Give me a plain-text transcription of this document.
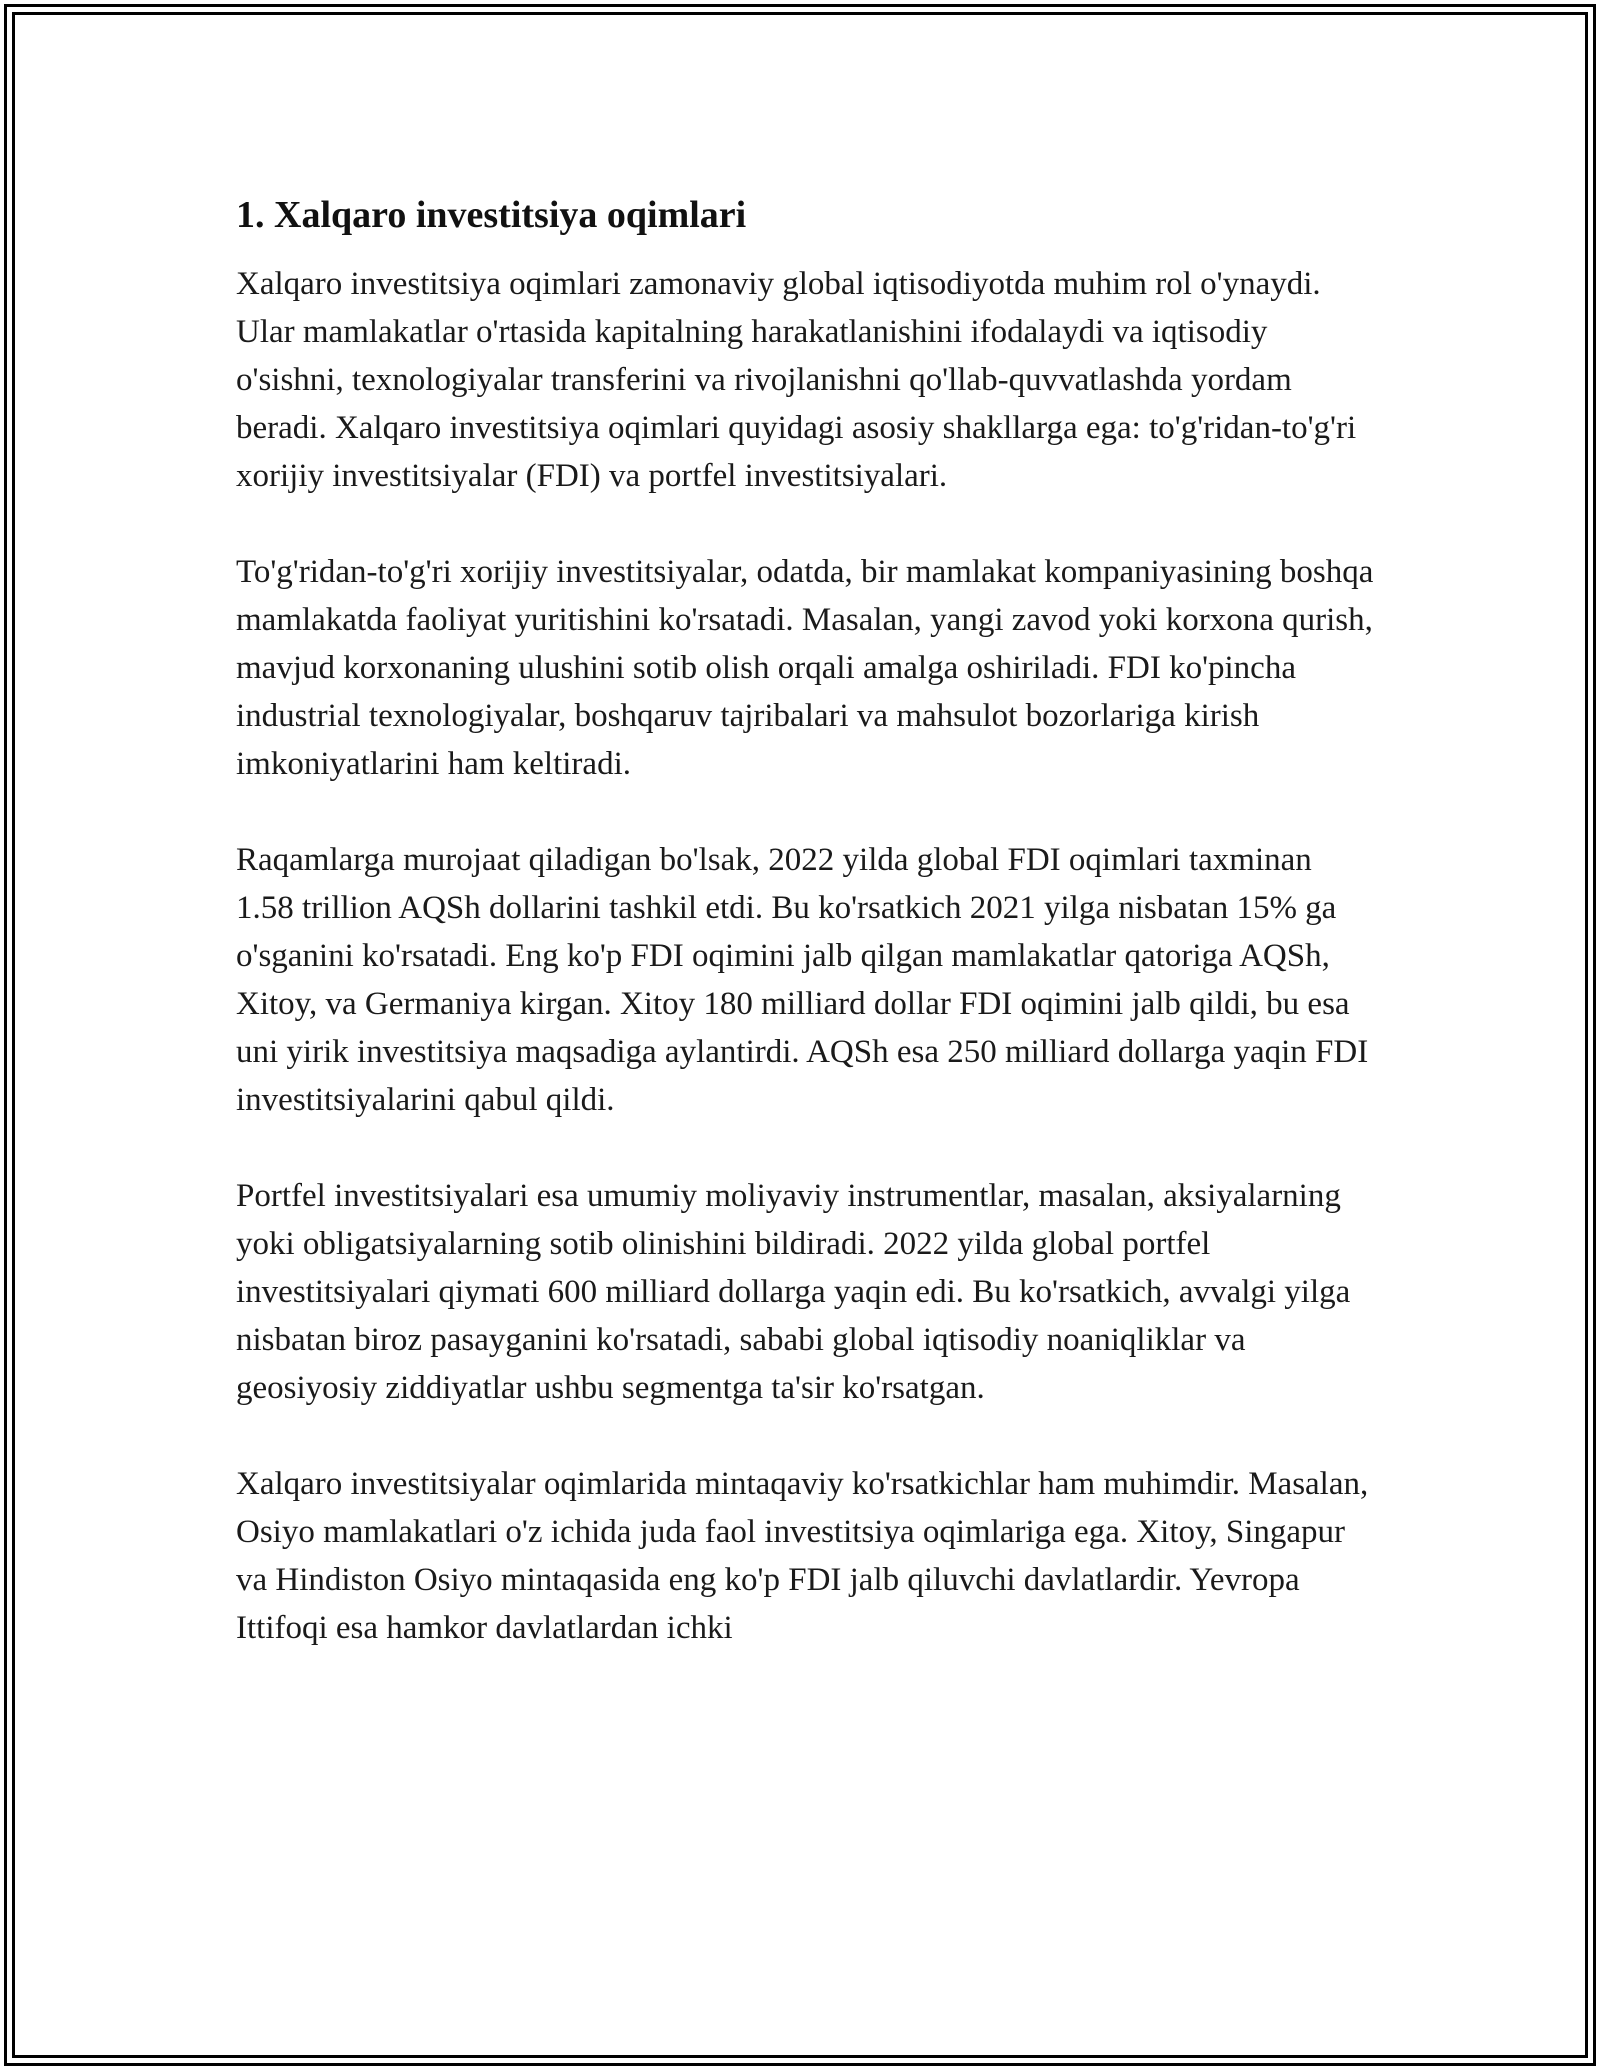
1. Xalqaro investitsiya oqimlari

Xalqaro investitsiya oqimlari zamonaviy global iqtisodiyotda muhim rol o'ynaydi. Ular mamlakatlar o'rtasida kapitalning harakatlanishini ifodalaydi va iqtisodiy o'sishni, texnologiyalar transferini va rivojlanishni qo'llab-quvvatlashda yordam beradi. Xalqaro investitsiya oqimlari quyidagi asosiy shakllarga ega: to'g'ridan-to'g'ri xorijiy investitsiyalar (FDI) va portfel investitsiyalari.

To'g'ridan-to'g'ri xorijiy investitsiyalar, odatda, bir mamlakat kompaniyasining boshqa mamlakatda faoliyat yuritishini ko'rsatadi. Masalan, yangi zavod yoki korxona qurish, mavjud korxonaning ulushini sotib olish orqali amalga oshiriladi. FDI ko'pincha industrial texnologiyalar, boshqaruv tajribalari va mahsulot bozorlariga kirish imkoniyatlarini ham keltiradi.

Raqamlarga murojaat qiladigan bo'lsak, 2022 yilda global FDI oqimlari taxminan 1.58 trillion AQSh dollarini tashkil etdi. Bu ko'rsatkich 2021 yilga nisbatan 15% ga o'sganini ko'rsatadi. Eng ko'p FDI oqimini jalb qilgan mamlakatlar qatoriga AQSh, Xitoy, va Germaniya kirgan. Xitoy 180 milliard dollar FDI oqimini jalb qildi, bu esa uni yirik investitsiya maqsadiga aylantirdi. AQSh esa 250 milliard dollarga yaqin FDI investitsiyalarini qabul qildi.

Portfel investitsiyalari esa umumiy moliyaviy instrumentlar, masalan, aksiyalarning yoki obligatsiyalarning sotib olinishini bildiradi. 2022 yilda global portfel investitsiyalari qiymati 600 milliard dollarga yaqin edi. Bu ko'rsatkich, avvalgi yilga nisbatan biroz pasayganini ko'rsatadi, sababi global iqtisodiy noaniqliklar va geosiyosiy ziddiyatlar ushbu segmentga ta'sir ko'rsatgan.

Xalqaro investitsiyalar oqimlarida mintaqaviy ko'rsatkichlar ham muhimdir. Masalan, Osiyo mamlakatlari o'z ichida juda faol investitsiya oqimlariga ega. Xitoy, Singapur va Hindiston Osiyo mintaqasida eng ko'p FDI jalb qiluvchi davlatlardir. Yevropa Ittifoqi esa hamkor davlatlardan ichki
